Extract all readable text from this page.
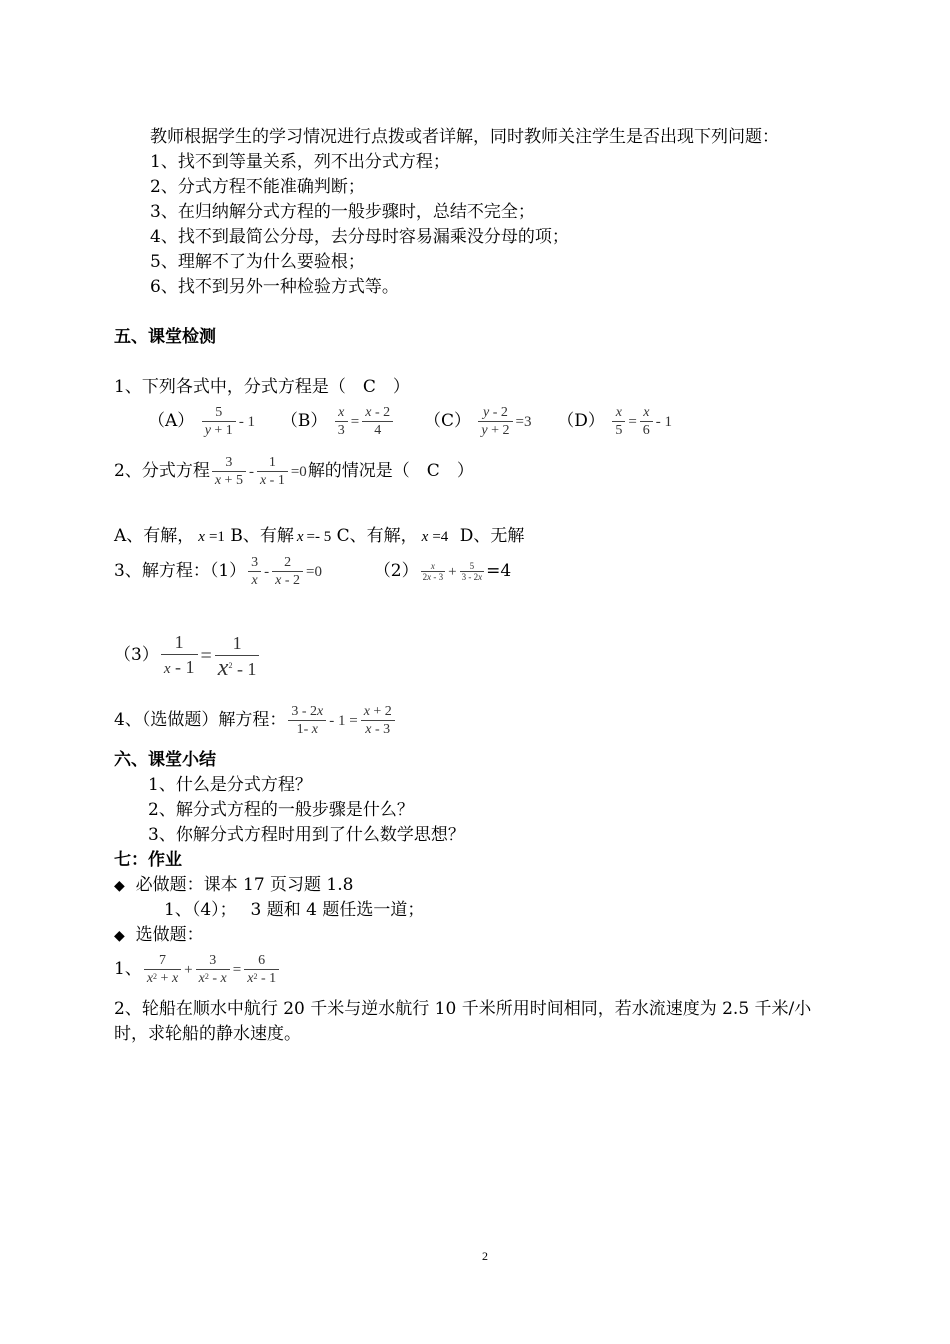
教师根据学生的学习情况进行点拨或者详解，同时教师关注学生是否出现下列问题：
1、找不到等量关系，列不出分式方程；
2、分式方程不能准确判断；
3、在归纳解分式方程的一般步骤时，总结不完全；
4、找不到最简公分母，去分母时容易漏乘没分母的项；
5、理解不了为什么要验根；
6、找不到另外一种检验方式等。
五、课堂检测
1、下列各式中，分式方程是（　C　）
$(A) \frac{5}{y + 1} - 1$ $(B) \frac{x}{3} = \frac{x - 2}{4} (C) \frac{y - 2}{y + 2} =3$ $(D) \frac{x}{5} = \frac{x}{6} - 1$
2、分式方程 $\frac{3}{x + 5} - \frac{1}{x - 1} =0$解的情况是（　C　）
A、有解， x =1 B、有解 x =- 5 C、有解， x =4 D、无解
3、解方程：$(1) \frac{3}{x} - \frac{2}{x - 2} =0$	$(2) \frac{x}{2x - 3} + \frac{5}{3 - 2x} =4$
$(3) \frac{1}{x - 1} = \frac{1}{x^2 - 1}$
4、（选做题）解方程： $\frac{3 - 2x}{1- x} - 1 = \frac{x + 2}{x - 3}$
六、课堂小结
1、什么是分式方程？
2、解分式方程的一般步骤是什么？
3、你解分式方程时用到了什么数学思想？
七：作业
◆ 必做题：课本 17 页习题 1.8
1、（4）；　 3 题和 4 题任选一道；
◆ 选做题：
1、 $\frac{7}{x^2 + x} + \frac{3}{x^2 - x} = \frac{6}{x^2 - 1}$
2、轮船在顺水中航行 20 千米与逆水航行 10 千米所用时间相同，若水流速度为 2.5 千米/小
时，求轮船的静水速度。
2
